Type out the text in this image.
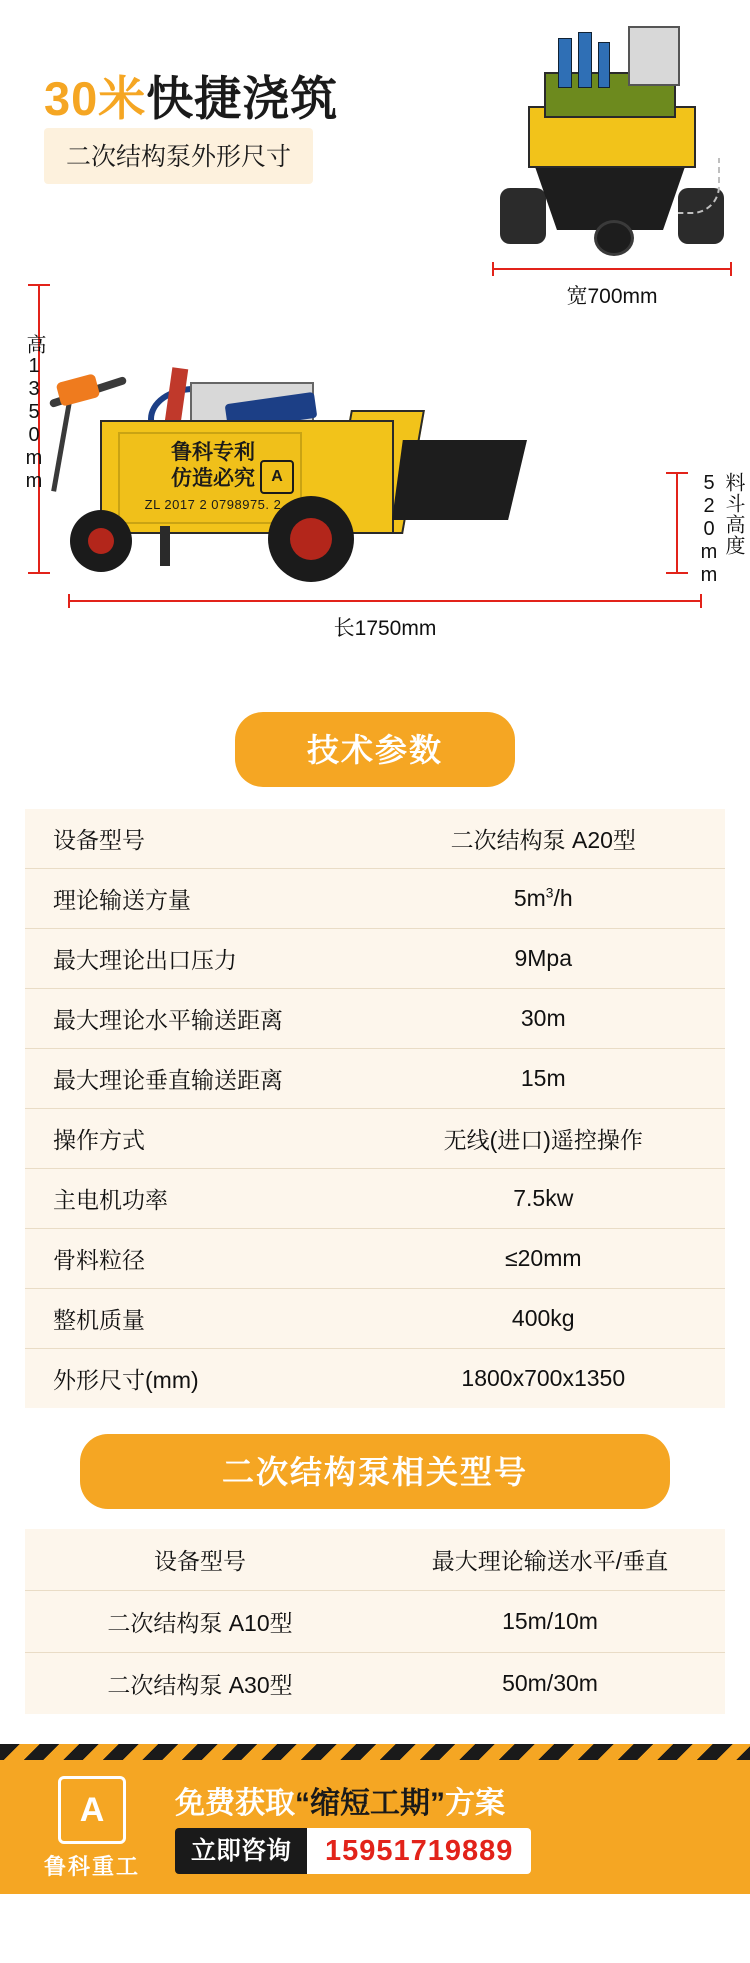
30米快捷浇筑
二次结构泵外形尺寸
宽700mm
高1350mm	鲁科专利
仿造必究
ZL 2017 2 0798975. 2
A	520mm 料斗高度
长1750mm
技术参数
设备型号	二次结构泵 A20型
理论输送方量	$5m^3/h$
最大理论出口压力	9Mpa
最大理论水平输送距离	30m
最大理论垂直输送距离	15m
操作方式	无线(进口)遥控操作
主电机功率	7.5kw
骨料粒径	≤20mm
整机质量	400kg
外形尺寸(mm)	1800x700x1350
二次结构泵相关型号
设备型号	最大理论输送水平/垂直
二次结构泵 A10型	15m/10m
二次结构泵 A30型	50m/30m
A
鲁科重工
免费获取“缩短工期”方案
立即咨询	15951719889
